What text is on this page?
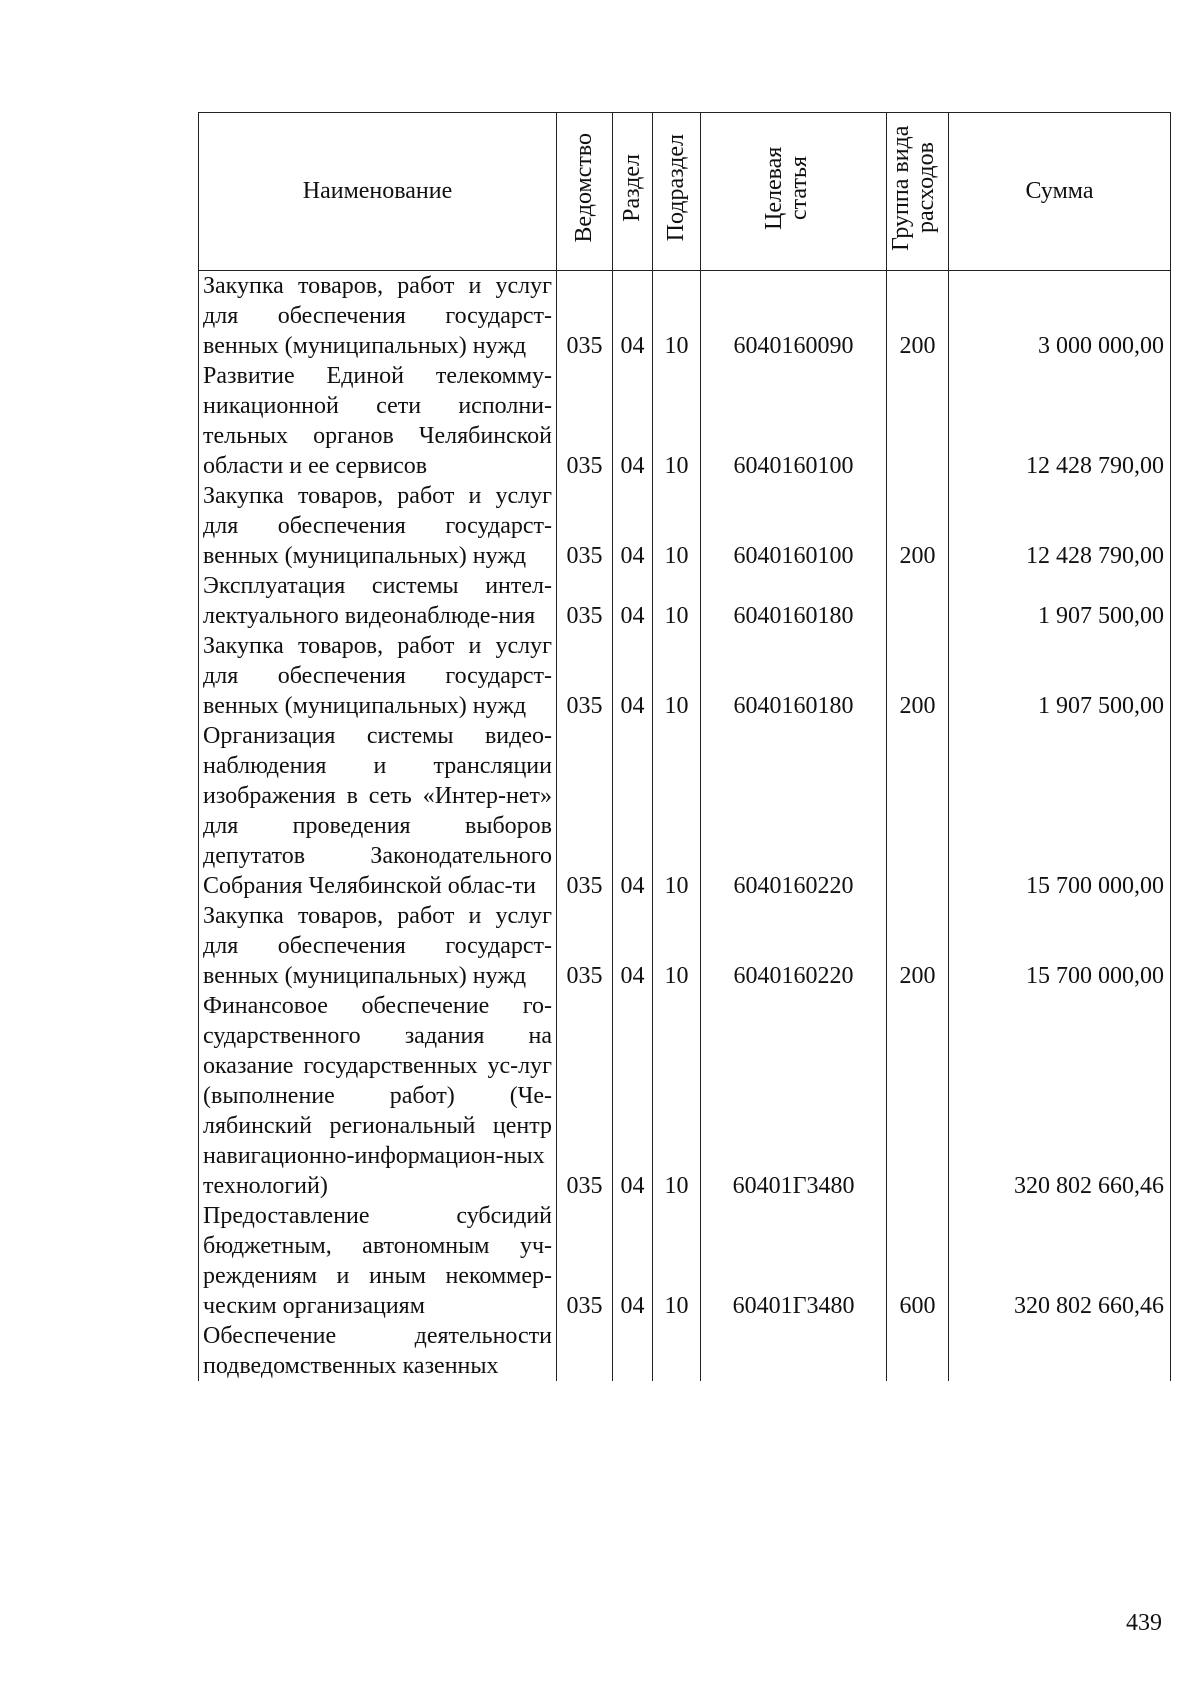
Наименование	Ведомство	Раздел	Подраздел	Целевая статья	Группа вида расходов	Сумма
Закупка товаров, работ и услуг для обеспечения государст-венных (муниципальных) нужд	035	04	10	6040160090	200	3 000 000,00
Развитие Единой телекомму-никационной сети исполни-тельных органов Челябинской области и ее сервисов	035	04	10	6040160100		12 428 790,00
Закупка товаров, работ и услуг для обеспечения государст-венных (муниципальных) нужд	035	04	10	6040160100	200	12 428 790,00
Эксплуатация системы интел-лектуального видеонаблюде-ния	035	04	10	6040160180		1 907 500,00
Закупка товаров, работ и услуг для обеспечения государст-венных (муниципальных) нужд	035	04	10	6040160180	200	1 907 500,00
Организация системы видео-наблюдения и трансляции изображения в сеть «Интер-нет» для проведения выборов депутатов Законодательного Собрания Челябинской облас-ти	035	04	10	6040160220		15 700 000,00
Закупка товаров, работ и услуг для обеспечения государст-венных (муниципальных) нужд	035	04	10	6040160220	200	15 700 000,00
Финансовое обеспечение го-сударственного задания на оказание государственных ус-луг (выполнение работ) (Че-лябинский региональный центр навигационно-информацион-ных технологий)	035	04	10	60401Г3480		320 802 660,46
Предоставление субсидий бюджетным, автономным уч-реждениям и иным некоммер-ческим организациям	035	04	10	60401Г3480	600	320 802 660,46
Обеспечение деятельности подведомственных казенных						
439
